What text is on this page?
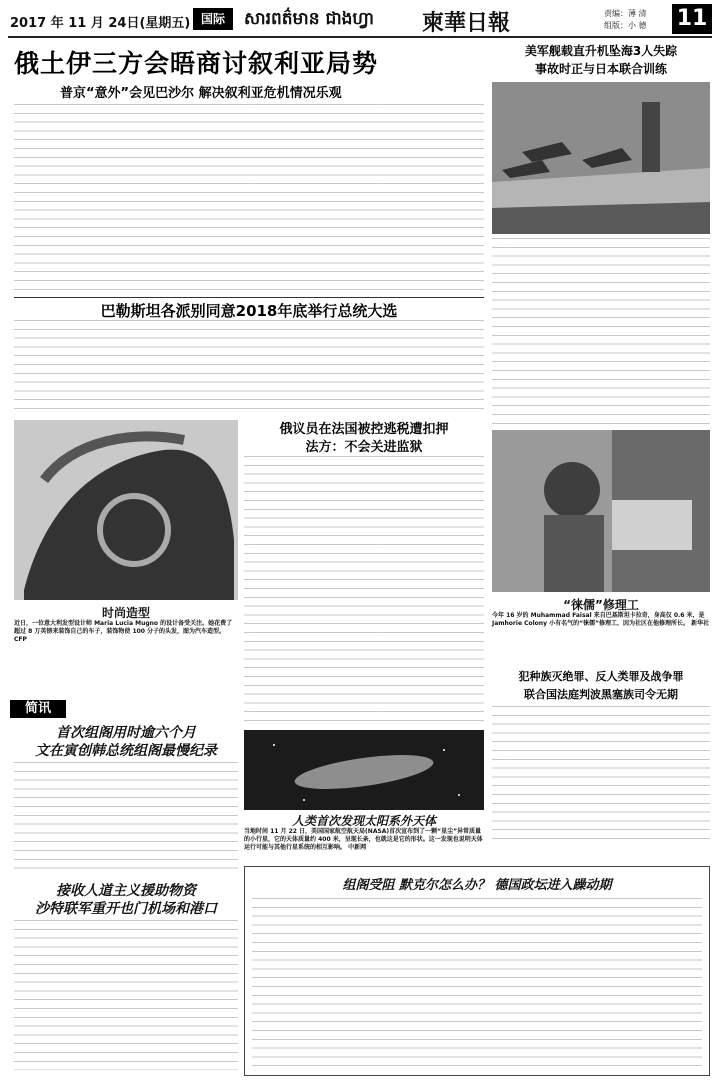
2017 年 11 月 24日(星期五) 国际	សារពត៌មាន ជាងហ្វា 柬華日報	责编：薄 清
组版：小 德 11
俄土伊三方会晤商讨叙利亚局势
普京“意外”会见巴沙尔 解决叙利亚危机情况乐观
美军舰载直升机坠海3人失踪
事故时正与日本联合训练
巴勒斯坦各派别同意2018年底举行总统大选
时尚造型
近日，一位意大利发型设计师 Maria Lucia Mugno 的设计备受关注。她花费了超过 8 万英镑来装饰自己的车子，装饰物使 100 分子的头发，图为汽车造型。 CFP
俄议员在法国被控逃税遭扣押
法方：不会关进监狱
“徕儒”修理工
今年 16 岁的 Muhammad Faisal 来自巴基斯坦卡拉奇，身高仅 0.6 米，是 Jamhorie Colony 小有名气的“徕儒”修理工，因为社区在他修理所长。 新华社
犯种族灭绝罪、反人类罪及战争罪
联合国法庭判波黑塞族司令无期
简讯
首次组阁用时逾六个月
文在寅创韩总统组阁最慢纪录
接收人道主义援助物资
沙特联军重开也门机场和港口
人类首次发现太阳系外天体
当地时间 11 月 22 日，美国国家航空航天局(NASA)首次宣布到了一颗“星尘”异常质量的小行星，它的天体质量约 400 米，呈现长条，也就这是它的形状。这一发现也说明天体运行可能与其他行星系统的相互影响。 中新网
组阁受阻 默克尔怎么办？ 德国政坛进入躁动期
